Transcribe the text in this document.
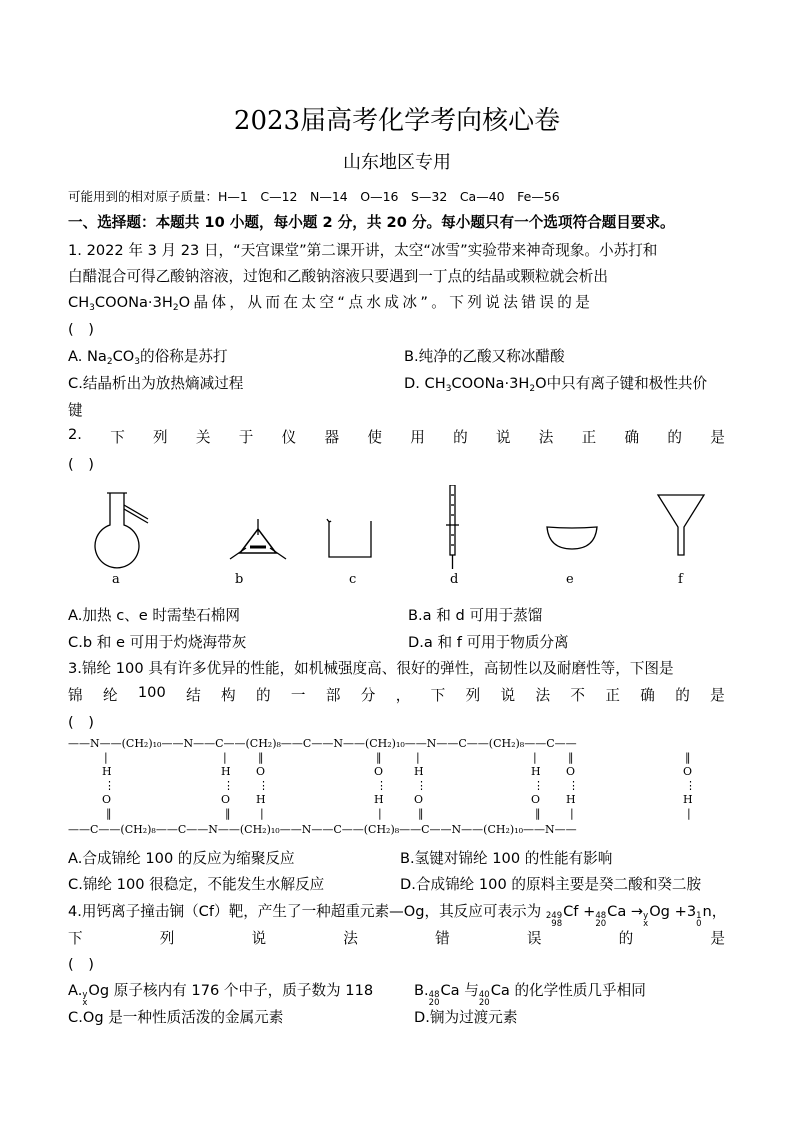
2023届高考化学考向核心卷
山东地区专用
可能用到的相对原子质量：H—1　C—12　N—14　O—16　S—32　Ca—40　Fe—56
一、选择题：本题共 10 小题，每小题 2 分，共 20 分。每小题只有一个选项符合题目要求。
1. 2022 年 3 月 23 日，“天宫课堂”第二课开讲，太空“冰雪”实验带来神奇现象。小苏打和
白醋混合可得乙酸钠溶液，过饱和乙酸钠溶液只要遇到一丁点的结晶或颗粒就会析出
$CH_3COONa\cdot 3H_2O$晶体，从而在太空“点水成冰”。下列说法错误的是
(　)
A. $Na_2CO_3$的俗称是苏打	B.纯净的乙酸又称冰醋酸
C.结晶析出为放热熵减过程	D. $CH_3COONa\cdot 3H_2O$中只有离子键和极性共价
键
2. 下 列 关 于 仪 器 使 用 的 说 法 正 确 的 是
(　)
a	b	c	d	e	f
A.加热 c、e 时需垫石棉网	B.a 和 d 可用于蒸馏
C.b 和 e 可用于灼烧海带灰	D.a 和 f 可用于物质分离
3.锦纶 100 具有许多优异的性能，如机械强度高、很好的弹性，高韧性以及耐磨性等，下图是
锦 纶 100 结 构 的 一 部 分 ， 下 列 说 法 不 正 确 的 是
(　)
——N——(CH₂)₁₀——N——C——(CH₂)₈——C——N——(CH₂)₁₀——N——C——(CH₂)₈——C——
——C——(CH₂)₈——C——N——(CH₂)₁₀——N——C——(CH₂)₈——C——N——(CH₂)₁₀——N——
|
H
⋮
O
‖
|
H
⋮
O
‖
‖
O
⋮
H
|
‖
O
⋮
H
|
|
H
⋮
O
‖
|
H
⋮
O
‖
‖
O
⋮
H
|
‖
O
⋮
H
|
A.合成锦纶 100 的反应为缩聚反应	B.氢键对锦纶 100 的性能有影响
C.锦纶 100 很稳定，不能发生水解反应	D.合成锦纶 100 的原料主要是癸二酸和癸二胺
4.用钙离子撞击锎（Cf）靶，产生了一种超重元素—Og，其反应可表示为 249
98
Cf + 48
20
Ca → y
x
Og +3 1
0
n，
下	列	说	法	错	误	的	是
(　)
A. y
x
Og 原子核内有 176 个中子，质子数为 118	B. 48
20
Ca 与 40
20
Ca 的化学性质几乎相同
C.Og 是一种性质活泼的金属元素	D.锎为过渡元素
